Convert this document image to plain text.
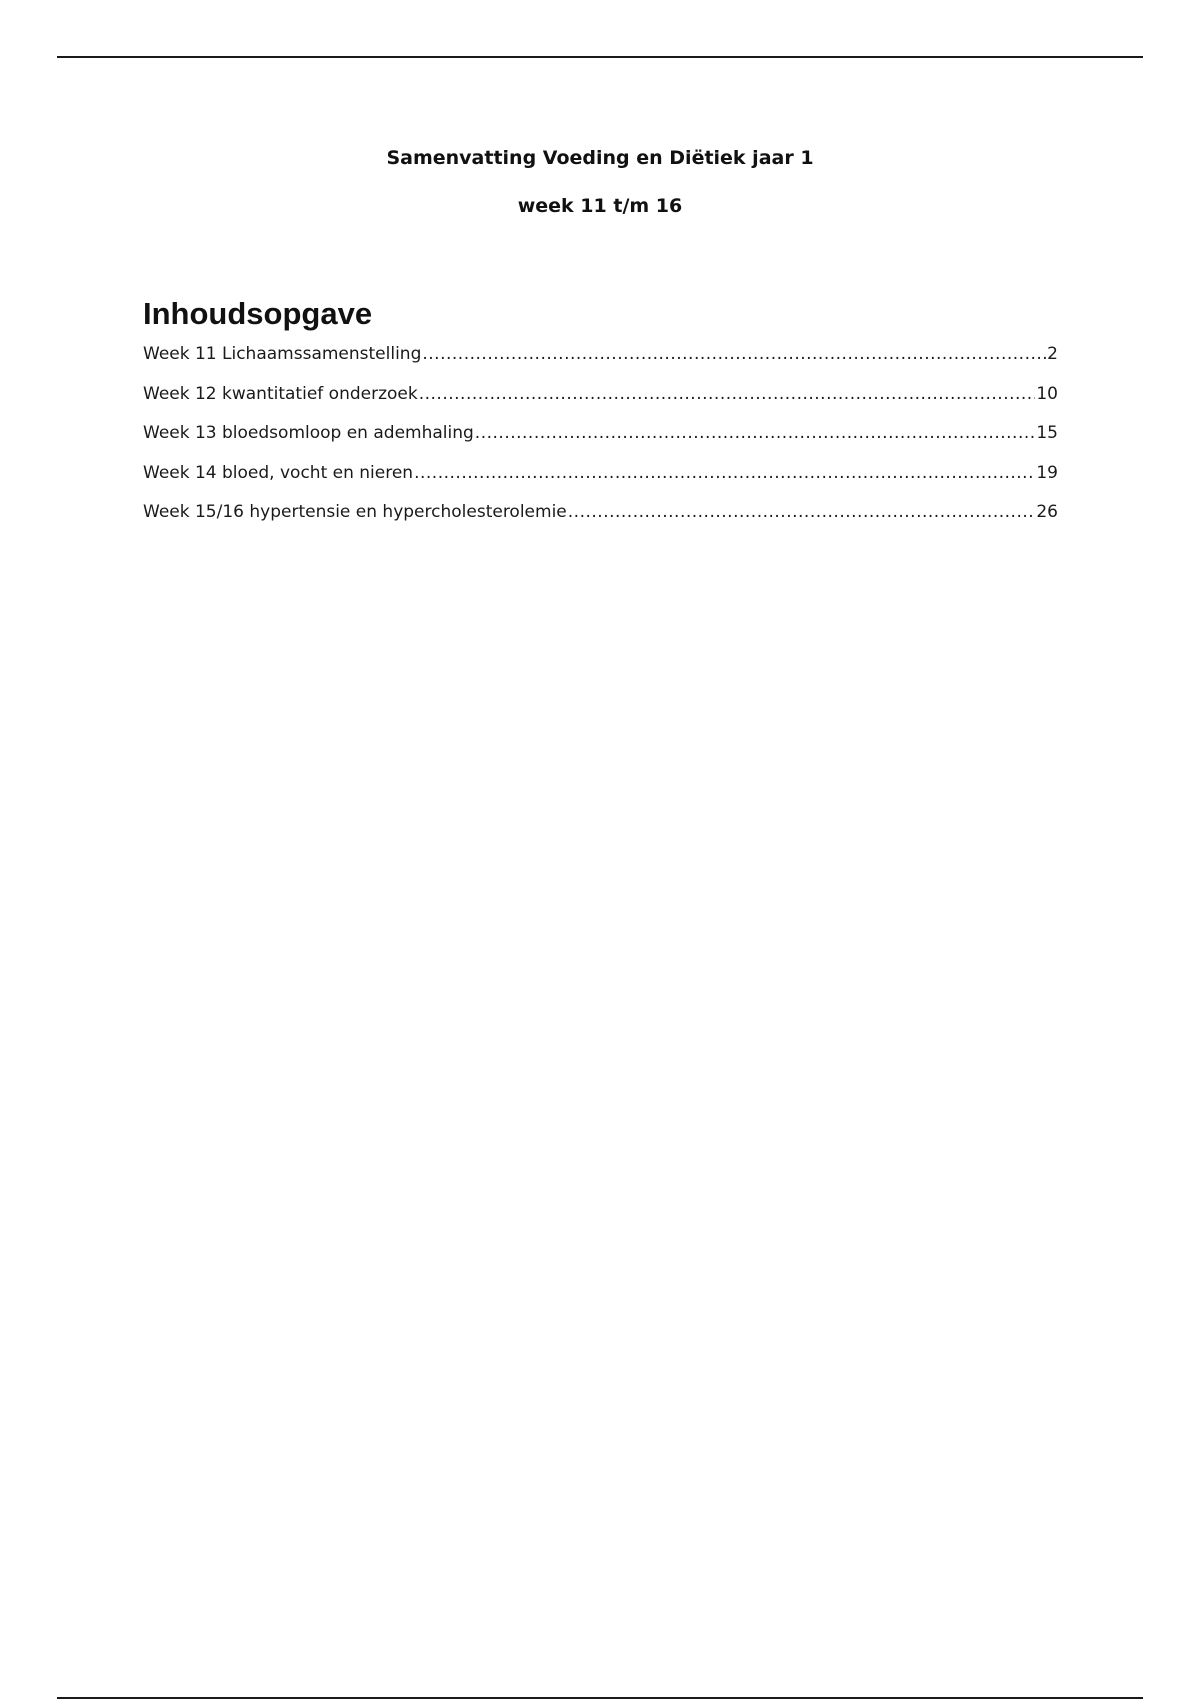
Samenvatting Voeding en Diëtiek jaar 1

week 11 t/m 16

Inhoudsopgave
Week 11 Lichaamssamenstelling .....	2
Week 12 kwantitatief onderzoek .....	10
Week 13 bloedsomloop en ademhaling .....	15
Week 14 bloed, vocht en nieren .....	19
Week 15/16 hypertensie en hypercholesterolemie .....	26
